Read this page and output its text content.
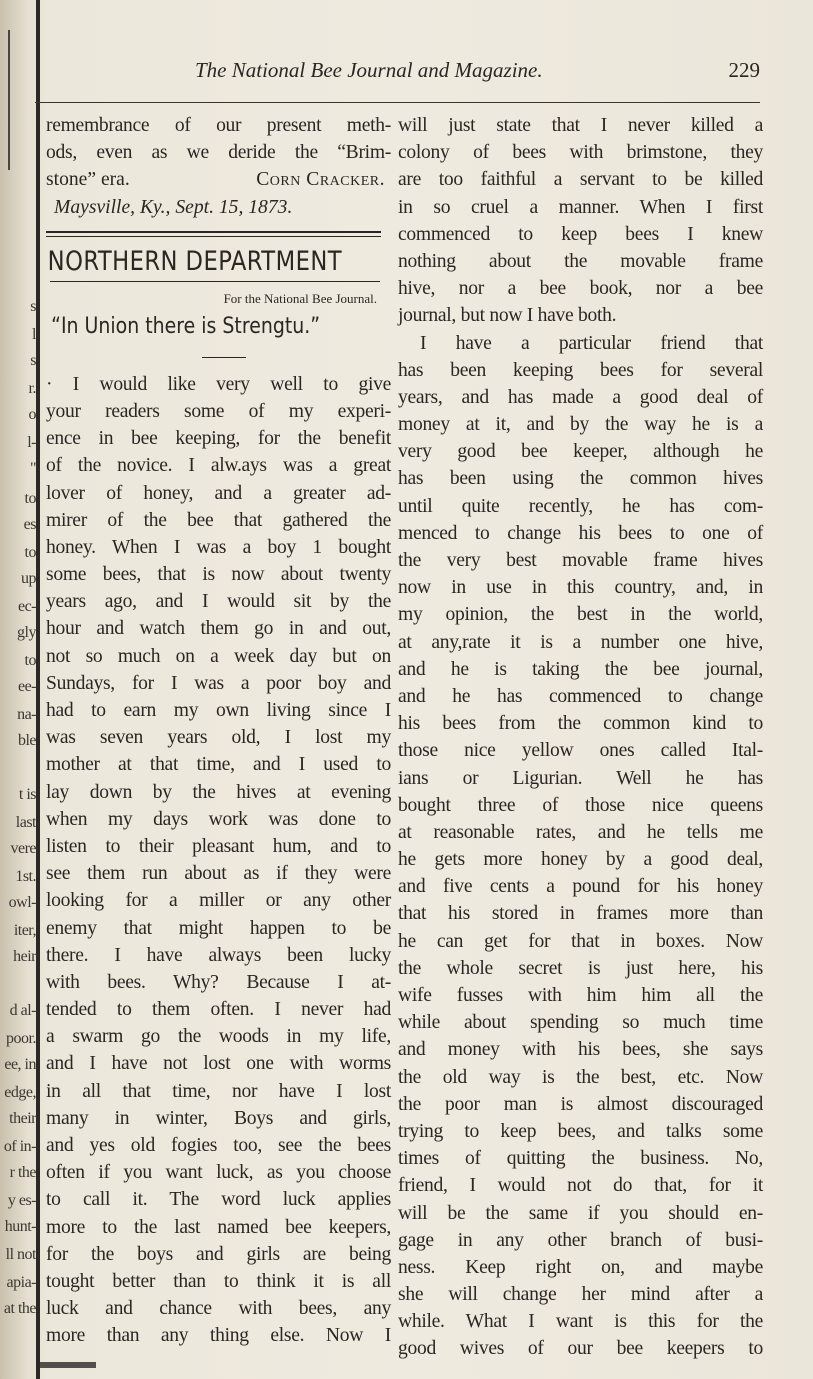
s
l
s
r.
o
l-
"
to
es
to
up
ec-
gly
to
ee-
na-
ble
t is
last
vere
1st.
owl-
iter,
heir
d al-
poor.
ee, in
edge,
their
of in-
r the
y es-
hunt-
ll not
apia-
at the
The National Bee Journal and Magazine.	229
remembrance of our present meth-
ods, even as we deride the “Brim-
stone” era.	Corn Cracker.
Maysville, Ky., Sept. 15, 1873.
NORTHERN DEPARTMENT
For the National Bee Journal.
“In Union there is Strengtu.”
· I would like very well to give
your readers some of my experi-
ence in bee keeping, for the benefit
of the novice. I alw.ays was a great
lover of honey, and a greater ad-
mirer of the bee that gathered the
honey. When I was a boy 1 bought
some bees, that is now about twenty
years ago, and I would sit by the
hour and watch them go in and out,
not so much on a week day but on
Sundays, for I was a poor boy and
had to earn my own living since I
was seven years old, I lost my
mother at that time, and I used to
lay down by the hives at evening
when my days work was done to
listen to their pleasant hum, and to
see them run about as if they were
looking for a miller or any other
enemy that might happen to be
there. I have always been lucky
with bees. Why? Because I at-
tended to them often. I never had
a swarm go the woods in my life,
and I have not lost one with worms
in all that time, nor have I lost
many in winter, Boys and girls,
and yes old fogies too, see the bees
often if you want luck, as you choose
to call it. The word luck applies
more to the last named bee keepers,
for the boys and girls are being
tought better than to think it is all
luck and chance with bees, any
more than any thing else. Now I
will just state that I never killed a
colony of bees with brimstone, they
are too faithful a servant to be killed
in so cruel a manner. When I first
commenced to keep bees I knew
nothing about the movable frame
hive, nor a bee book, nor a bee
journal, but now I have both.
I have a particular friend that
has been keeping bees for several
years, and has made a good deal of
money at it, and by the way he is a
very good bee keeper, although he
has been using the common hives
until quite recently, he has com-
menced to change his bees to one of
the very best movable frame hives
now in use in this country, and, in
my opinion, the best in the world,
at any,rate it is a number one hive,
and he is taking the bee journal,
and he has commenced to change
his bees from the common kind to
those nice yellow ones called Ital-
ians or Ligurian. Well he has
bought three of those nice queens
at reasonable rates, and he tells me
he gets more honey by a good deal,
and five cents a pound for his honey
that his stored in frames more than
he can get for that in boxes. Now
the whole secret is just here, his
wife fusses with him him all the
while about spending so much time
and money with his bees, she says
the old way is the best, etc. Now
the poor man is almost discouraged
trying to keep bees, and talks some
times of quitting the business. No,
friend, I would not do that, for it
will be the same if you should en-
gage in any other branch of busi-
ness. Keep right on, and maybe
she will change her mind after a
while. What I want is this for the
good wives of our bee keepers to
